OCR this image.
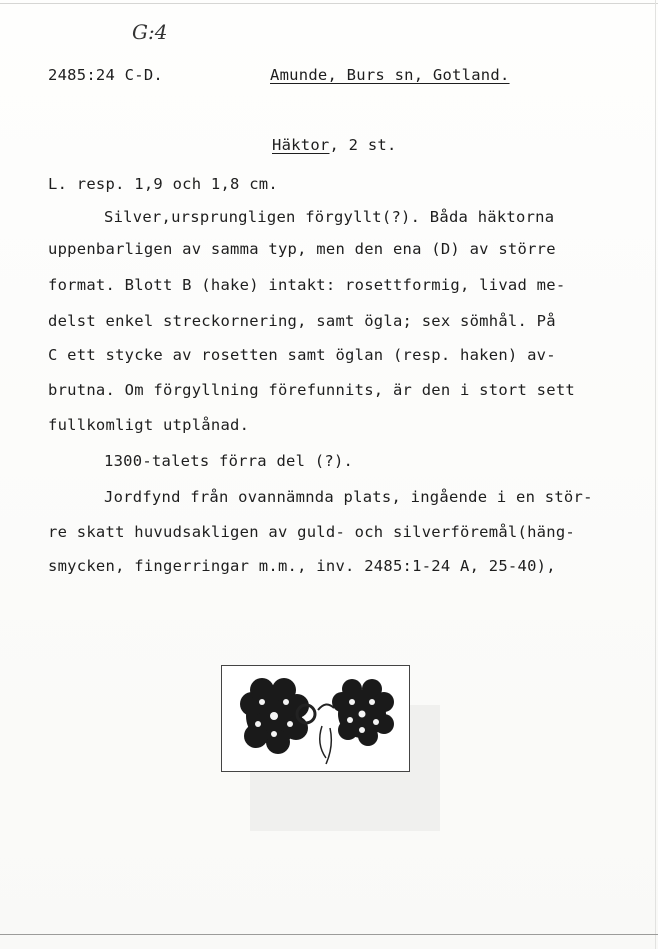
G:4
2485:24 C-D.	Amunde, Burs sn, Gotland.
Häktor, 2 st.
L. resp. 1,9 och 1,8 cm.
Silver,ursprungligen förgyllt(?). Båda häktorna
uppenbarligen av samma typ, men den ena (D) av större
format. Blott B (hake) intakt: rosettformig, livad me-
delst enkel streckornering, samt ögla; sex sömhål. På
C ett stycke av rosetten samt öglan (resp. haken) av-
brutna. Om förgyllning förefunnits, är den i stort sett
fullkomligt utplånad.
1300-talets förra del (?).
Jordfynd från ovannämnda plats, ingående i en stör-
re skatt huvudsakligen av guld- och silverföremål(häng-
smycken, fingerringar m.m., inv. 2485:1-24 A, 25-40),
